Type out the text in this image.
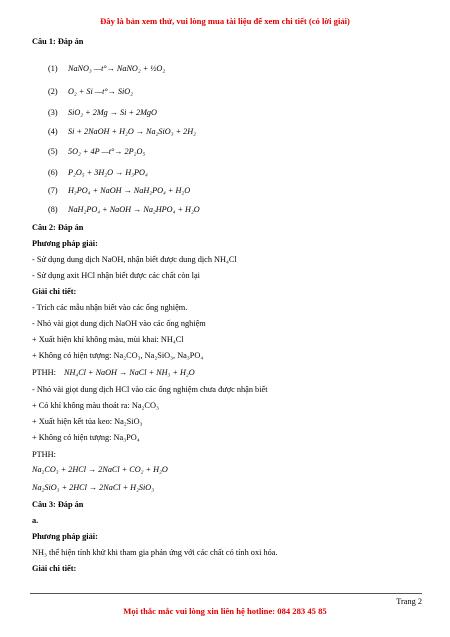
Đây là bản xem thử, vui lòng mua tài liệu để xem chi tiết (có lời giải)
Câu 1: Đáp án
(1) NaNO₃ —t°→ NaNO₂ + ½O₂
(2) O₂ + Si —t°→ SiO₂
(3) SiO₂ + 2Mg → Si + 2MgO
(4) Si + 2NaOH + H₂O → Na₂SiO₃ + 2H₂
(5) 5O₂ + 4P —t°→ 2P₂O₅
(6) P₂O₅ + 3H₂O → H₃PO₄
(7) H₃PO₄ + NaOH → NaH₂PO₄ + H₂O
(8) NaH₂PO₄ + NaOH → Na₂HPO₄ + H₂O
Câu 2: Đáp án
Phương pháp giải:
- Sử dụng dung dịch NaOH, nhận biết được dung dịch NH₄Cl
- Sử dụng axit HCl nhận biết được các chất còn lại
Giải chi tiết:
- Trích các mẫu nhận biết vào các ống nghiệm.
- Nhỏ vài giọt dung dịch NaOH vào các ống nghiệm
+ Xuất hiện khí không màu, mùi khai: NH₄Cl
+ Không có hiện tượng: Na₂CO₃, Na₂SiO₃, Na₃PO₄
PTHH: NH₄Cl + NaOH → NaCl + NH₃ + H₂O
- Nhỏ vài giọt dung dịch HCl vào các ống nghiệm chưa được nhận biết
+ Có khí không màu thoát ra: Na₂CO₃
+ Xuất hiện kết tủa keo: Na₂SiO₃
+ Không có hiện tượng: Na₃PO₄
PTHH:
Na₂CO₃ + 2HCl → 2NaCl + CO₂ + H₂O
Na₂SiO₃ + 2HCl → 2NaCl + H₂SiO₃
Câu 3: Đáp án
a.
Phương pháp giải:
NH₃ thể hiện tính khử khi tham gia phản ứng với các chất có tính oxi hóa.
Giải chi tiết:
Trang 2
Mọi thắc mắc vui lòng xin liên hệ hotline: 084 283 45 85
